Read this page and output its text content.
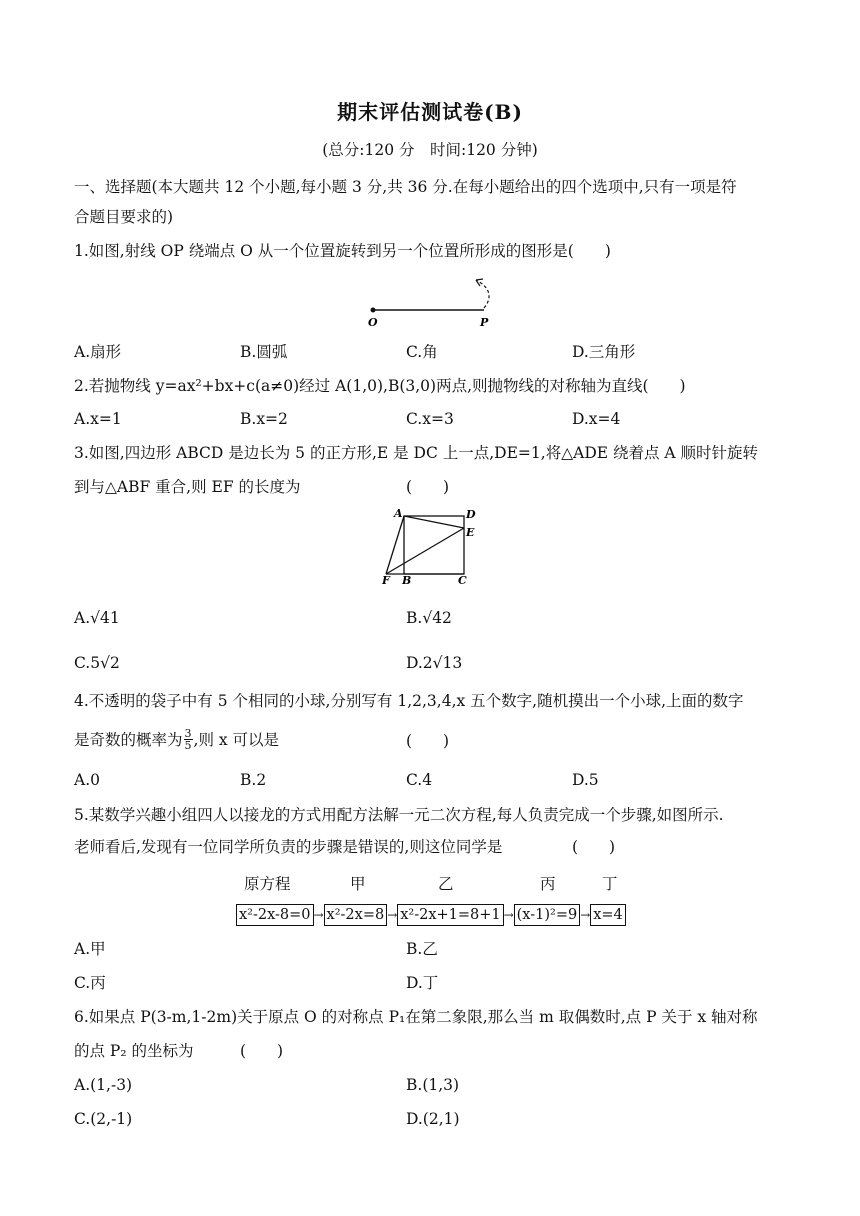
期末评估测试卷(B)
(总分:120 分　时间:120 分钟)
一、选择题(本大题共 12 个小题,每小题 3 分,共 36 分.在每小题给出的四个选项中,只有一项是符
合题目要求的)
1.如图,射线 OP 绕端点 O 从一个位置旋转到另一个位置所形成的图形是(　　)
O	P
A.扇形	B.圆弧	C.角	D.三角形
2.若抛物线 y=ax²+bx+c(a≠0)经过 A(1,0),B(3,0)两点,则抛物线的对称轴为直线(　　)
A.x=1	B.x=2	C.x=3	D.x=4
3.如图,四边形 ABCD 是边长为 5 的正方形,E 是 DC 上一点,DE=1,将△ADE 绕着点 A 顺时针旋转
到与△ABF 重合,则 EF 的长度为	(　　)
A	D
E
F B	C
A.√41	B.√42
C.5√2	D.2√13
4.不透明的袋子中有 5 个相同的小球,分别写有 1,2,3,4,x 五个数字,随机摸出一个小球,上面的数字
是奇数的概率为 $\frac{3}{5}$ ,则 x 可以是	(　　)
A.0	B.2	C.4	D.5
5.某数学兴趣小组四人以接龙的方式用配方法解一元二次方程,每人负责完成一个步骤,如图所示.
老师看后,发现有一位同学所负责的步骤是错误的,则这位同学是	(　　)
原方程	甲	乙	丙	丁
x²-2x-8=0 → x²-2x=8 → x²-2x+1=8+1 → (x-1)²=9 → x=4
A.甲	B.乙
C.丙	D.丁
6.如果点 P(3-m,1-2m)关于原点 O 的对称点 P₁在第二象限,那么当 m 取偶数时,点 P 关于 x 轴对称
的点 P₂ 的坐标为	(　　)
A.(1,-3)	B.(1,3)
C.(2,-1)	D.(2,1)
